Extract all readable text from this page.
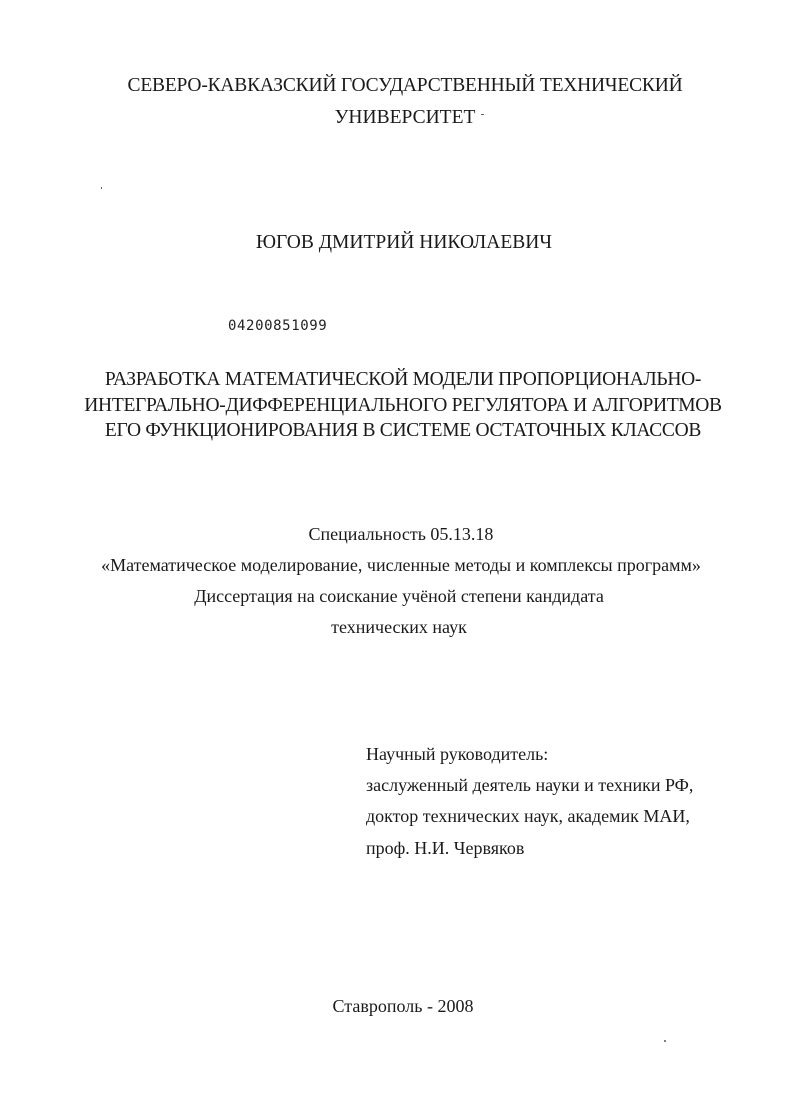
СЕВЕРО-КАВКАЗСКИЙ ГОСУДАРСТВЕННЫЙ ТЕХНИЧЕСКИЙ
УНИВЕРСИТЕТ
ЮГОВ ДМИТРИЙ НИКОЛАЕВИЧ
04200851099
РАЗРАБОТКА МАТЕМАТИЧЕСКОЙ МОДЕЛИ ПРОПОРЦИОНАЛЬНО-
ИНТЕГРАЛЬНО-ДИФФЕРЕНЦИАЛЬНОГО РЕГУЛЯТОРА И АЛГОРИТМОВ
ЕГО ФУНКЦИОНИРОВАНИЯ В СИСТЕМЕ ОСТАТОЧНЫХ КЛАССОВ
Специальность 05.13.18
«Математическое моделирование, численные методы и комплексы программ»
Диссертация на соискание учёной степени кандидата
технических наук
Научный руководитель:
заслуженный деятель науки и техники РФ,
доктор технических наук, академик МАИ,
проф. Н.И. Червяков
Ставрополь - 2008
